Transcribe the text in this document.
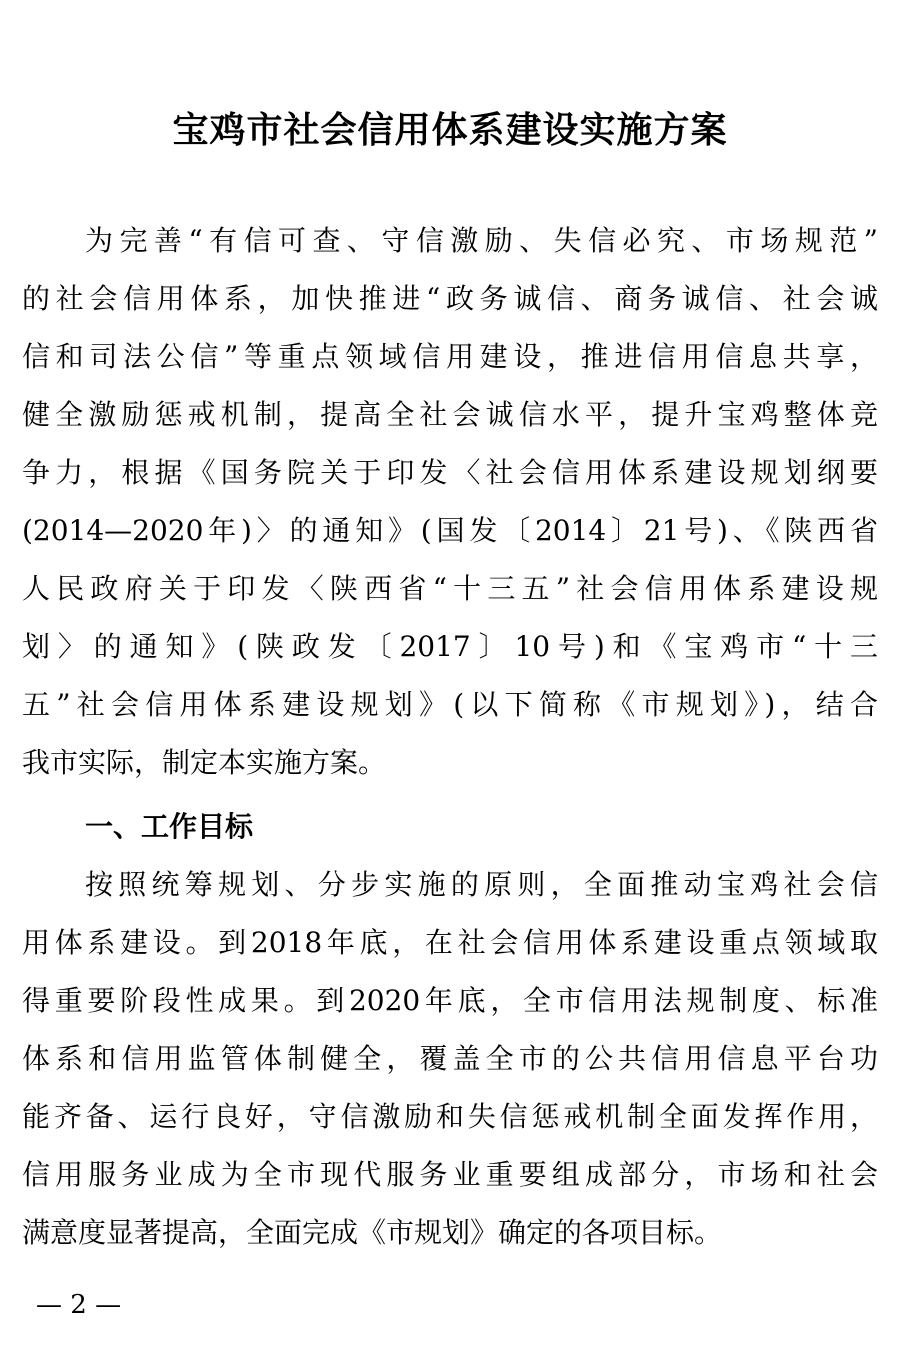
宝鸡市社会信用体系建设实施方案

为完善“有信可查、守信激励、失信必究、市场规范”

的社会信用体系，加快推进“政务诚信、商务诚信、社会诚

信和司法公信”等重点领域信用建设，推进信用信息共享，

健全激励惩戒机制，提高全社会诚信水平，提升宝鸡整体竞

争力，根据《国务院关于印发〈社会信用体系建设规划纲要

(2014—2020年)〉的通知》(国发〔2014〕21号)、《陕西省

人民政府关于印发〈陕西省“十三五”社会信用体系建设规

划〉的通知》(陕政发〔2017〕10号)和《宝鸡市“十三

五”社会信用体系建设规划》(以下简称《市规划》)，结合

我市实际，制定本实施方案。

一、工作目标

按照统筹规划、分步实施的原则，全面推动宝鸡社会信

用体系建设。到2018年底，在社会信用体系建设重点领域取

得重要阶段性成果。到2020年底，全市信用法规制度、标准

体系和信用监管体制健全，覆盖全市的公共信用信息平台功

能齐备、运行良好，守信激励和失信惩戒机制全面发挥作用，

信用服务业成为全市现代服务业重要组成部分，市场和社会

满意度显著提高，全面完成《市规划》确定的各项目标。

— 2 —
